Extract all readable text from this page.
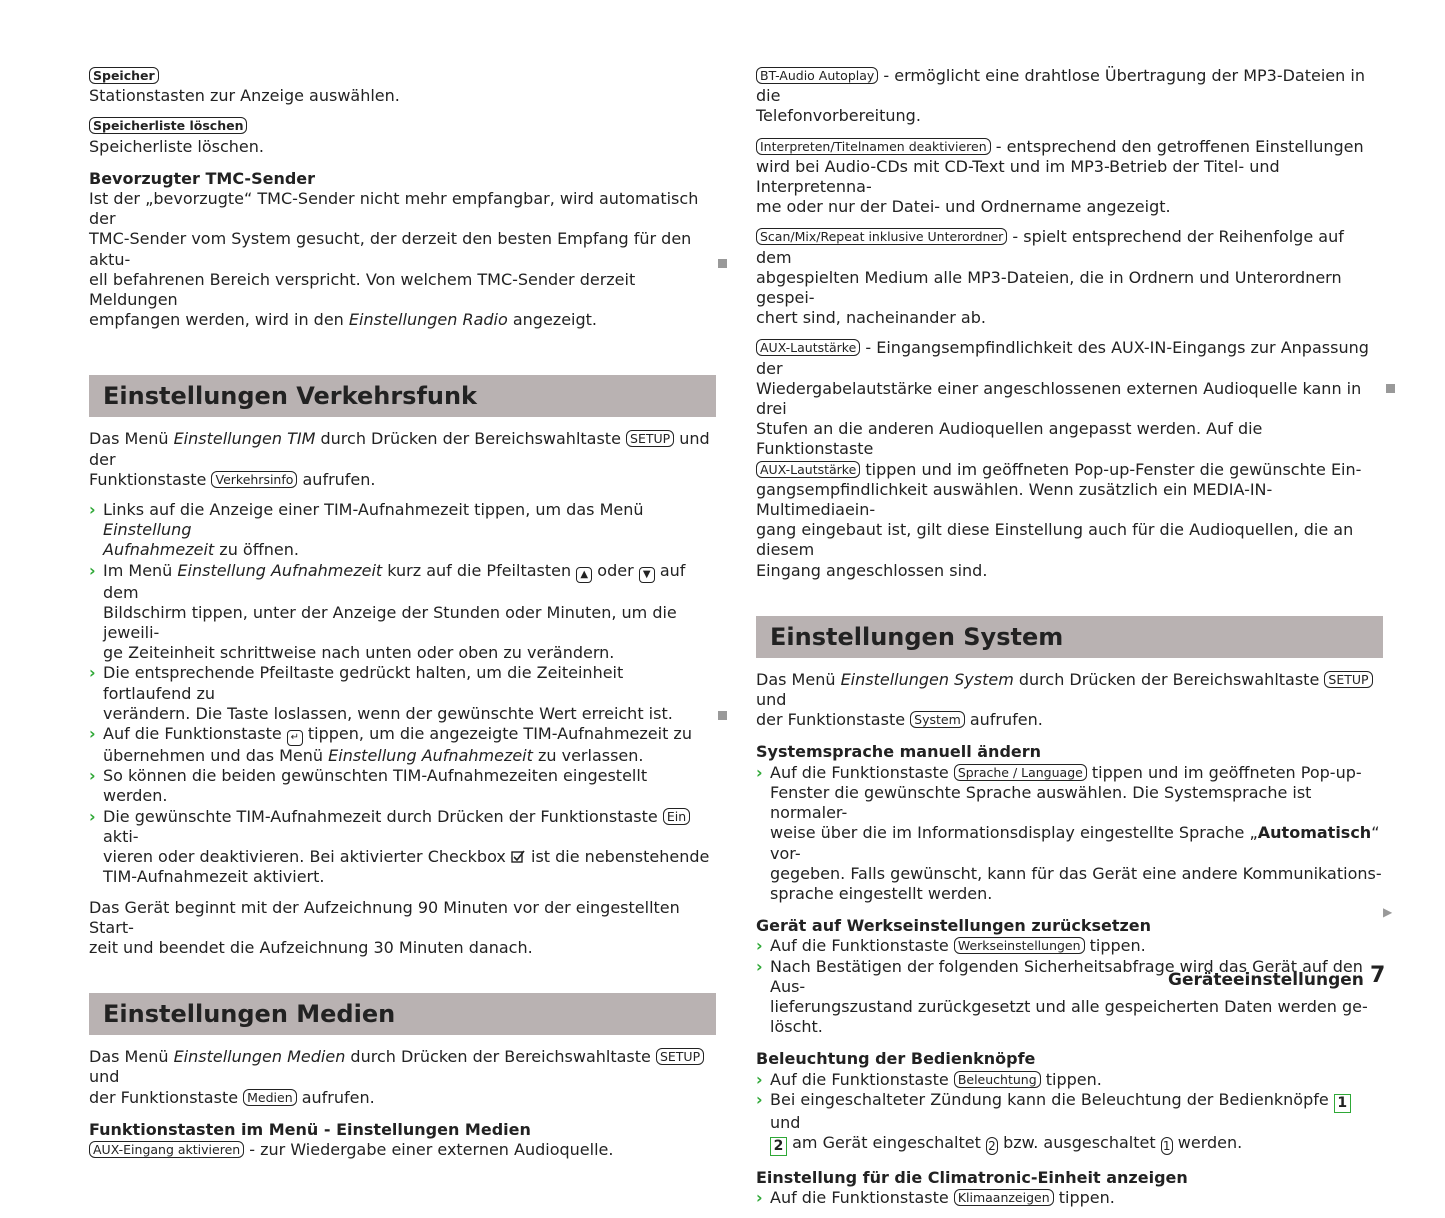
Speicher
Stationstasten zur Anzeige auswählen.

Speicherliste löschen
Speicherliste löschen.

Bevorzugter TMC-Sender

Ist der „bevorzugte“ TMC-Sender nicht mehr empfangbar, wird automatisch der
TMC-Sender vom System gesucht, der derzeit den besten Empfang für den aktu-
ell befahrenen Bereich verspricht. Von welchem TMC-Sender derzeit Meldungen
empfangen werden, wird in den Einstellungen Radio angezeigt.

Einstellungen Verkehrsfunk

Das Menü Einstellungen TIM durch Drücken der Bereichswahltaste SETUP und der
Funktionstaste Verkehrsinfo aufrufen.

› Links auf die Anzeige einer TIM-Aufnahmezeit tippen, um das Menü Einstellung
Aufnahmezeit zu öffnen.
› Im Menü Einstellung Aufnahmezeit kurz auf die Pfeiltasten ▲ oder ▼ auf dem
Bildschirm tippen, unter der Anzeige der Stunden oder Minuten, um die jeweili-
ge Zeiteinheit schrittweise nach unten oder oben zu verändern.
› Die entsprechende Pfeiltaste gedrückt halten, um die Zeiteinheit fortlaufend zu
verändern. Die Taste loslassen, wenn der gewünschte Wert erreicht ist.
› Auf die Funktionstaste ↵ tippen, um die angezeigte TIM-Aufnahmezeit zu
übernehmen und das Menü Einstellung Aufnahmezeit zu verlassen.
› So können die beiden gewünschten TIM-Aufnahmezeiten eingestellt werden.
› Die gewünschte TIM-Aufnahmezeit durch Drücken der Funktionstaste Ein akti-
vieren oder deaktivieren. Bei aktivierter Checkbox  ist die nebenstehende
TIM-Aufnahmezeit aktiviert.

Das Gerät beginnt mit der Aufzeichnung 90 Minuten vor der eingestellten Start-
zeit und beendet die Aufzeichnung 30 Minuten danach.

Einstellungen Medien

Das Menü Einstellungen Medien durch Drücken der Bereichswahltaste SETUP und
der Funktionstaste Medien aufrufen.

Funktionstasten im Menü - Einstellungen Medien

AUX-Eingang aktivieren - zur Wiedergabe einer externen Audioquelle.

BT-Audio Autoplay - ermöglicht eine drahtlose Übertragung der MP3-Dateien in die
Telefonvorbereitung.

Interpreten/Titelnamen deaktivieren - entsprechend den getroffenen Einstellungen
wird bei Audio-CDs mit CD-Text und im MP3-Betrieb der Titel- und Interpretenna-
me oder nur der Datei- und Ordnername angezeigt.

Scan/Mix/Repeat inklusive Unterordner - spielt entsprechend der Reihenfolge auf dem
abgespielten Medium alle MP3-Dateien, die in Ordnern und Unterordnern gespei-
chert sind, nacheinander ab.

AUX-Lautstärke - Eingangsempfindlichkeit des AUX-IN-Eingangs zur Anpassung der
Wiedergabelautstärke einer angeschlossenen externen Audioquelle kann in drei
Stufen an die anderen Audioquellen angepasst werden. Auf die Funktionstaste
AUX-Lautstärke tippen und im geöffneten Pop-up-Fenster die gewünschte Ein-
gangsempfindlichkeit auswählen. Wenn zusätzlich ein MEDIA-IN-Multimediaein-
gang eingebaut ist, gilt diese Einstellung auch für die Audioquellen, die an diesem
Eingang angeschlossen sind.

Einstellungen System

Das Menü Einstellungen System durch Drücken der Bereichswahltaste SETUP und
der Funktionstaste System aufrufen.

Systemsprache manuell ändern
› Auf die Funktionstaste Sprache / Language tippen und im geöffneten Pop-up-
Fenster die gewünschte Sprache auswählen. Die Systemsprache ist normaler-
weise über die im Informationsdisplay eingestellte Sprache „Automatisch“ vor-
gegeben. Falls gewünscht, kann für das Gerät eine andere Kommunikations-
sprache eingestellt werden.
Gerät auf Werkseinstellungen zurücksetzen
› Auf die Funktionstaste Werkseinstellungen tippen.
› Nach Bestätigen der folgenden Sicherheitsabfrage wird das Gerät auf den Aus-
lieferungszustand zurückgesetzt und alle gespeicherten Daten werden ge-
löscht.
Beleuchtung der Bedienknöpfe
› Auf die Funktionstaste Beleuchtung tippen.
› Bei eingeschalteter Zündung kann die Beleuchtung der Bedienknöpfe 1 und
2 am Gerät eingeschaltet 2 bzw. ausgeschaltet 1 werden.
Einstellung für die Climatronic-Einheit anzeigen
› Auf die Funktionstaste Klimaanzeigen tippen.
▶
Geräteeinstellungen 7
